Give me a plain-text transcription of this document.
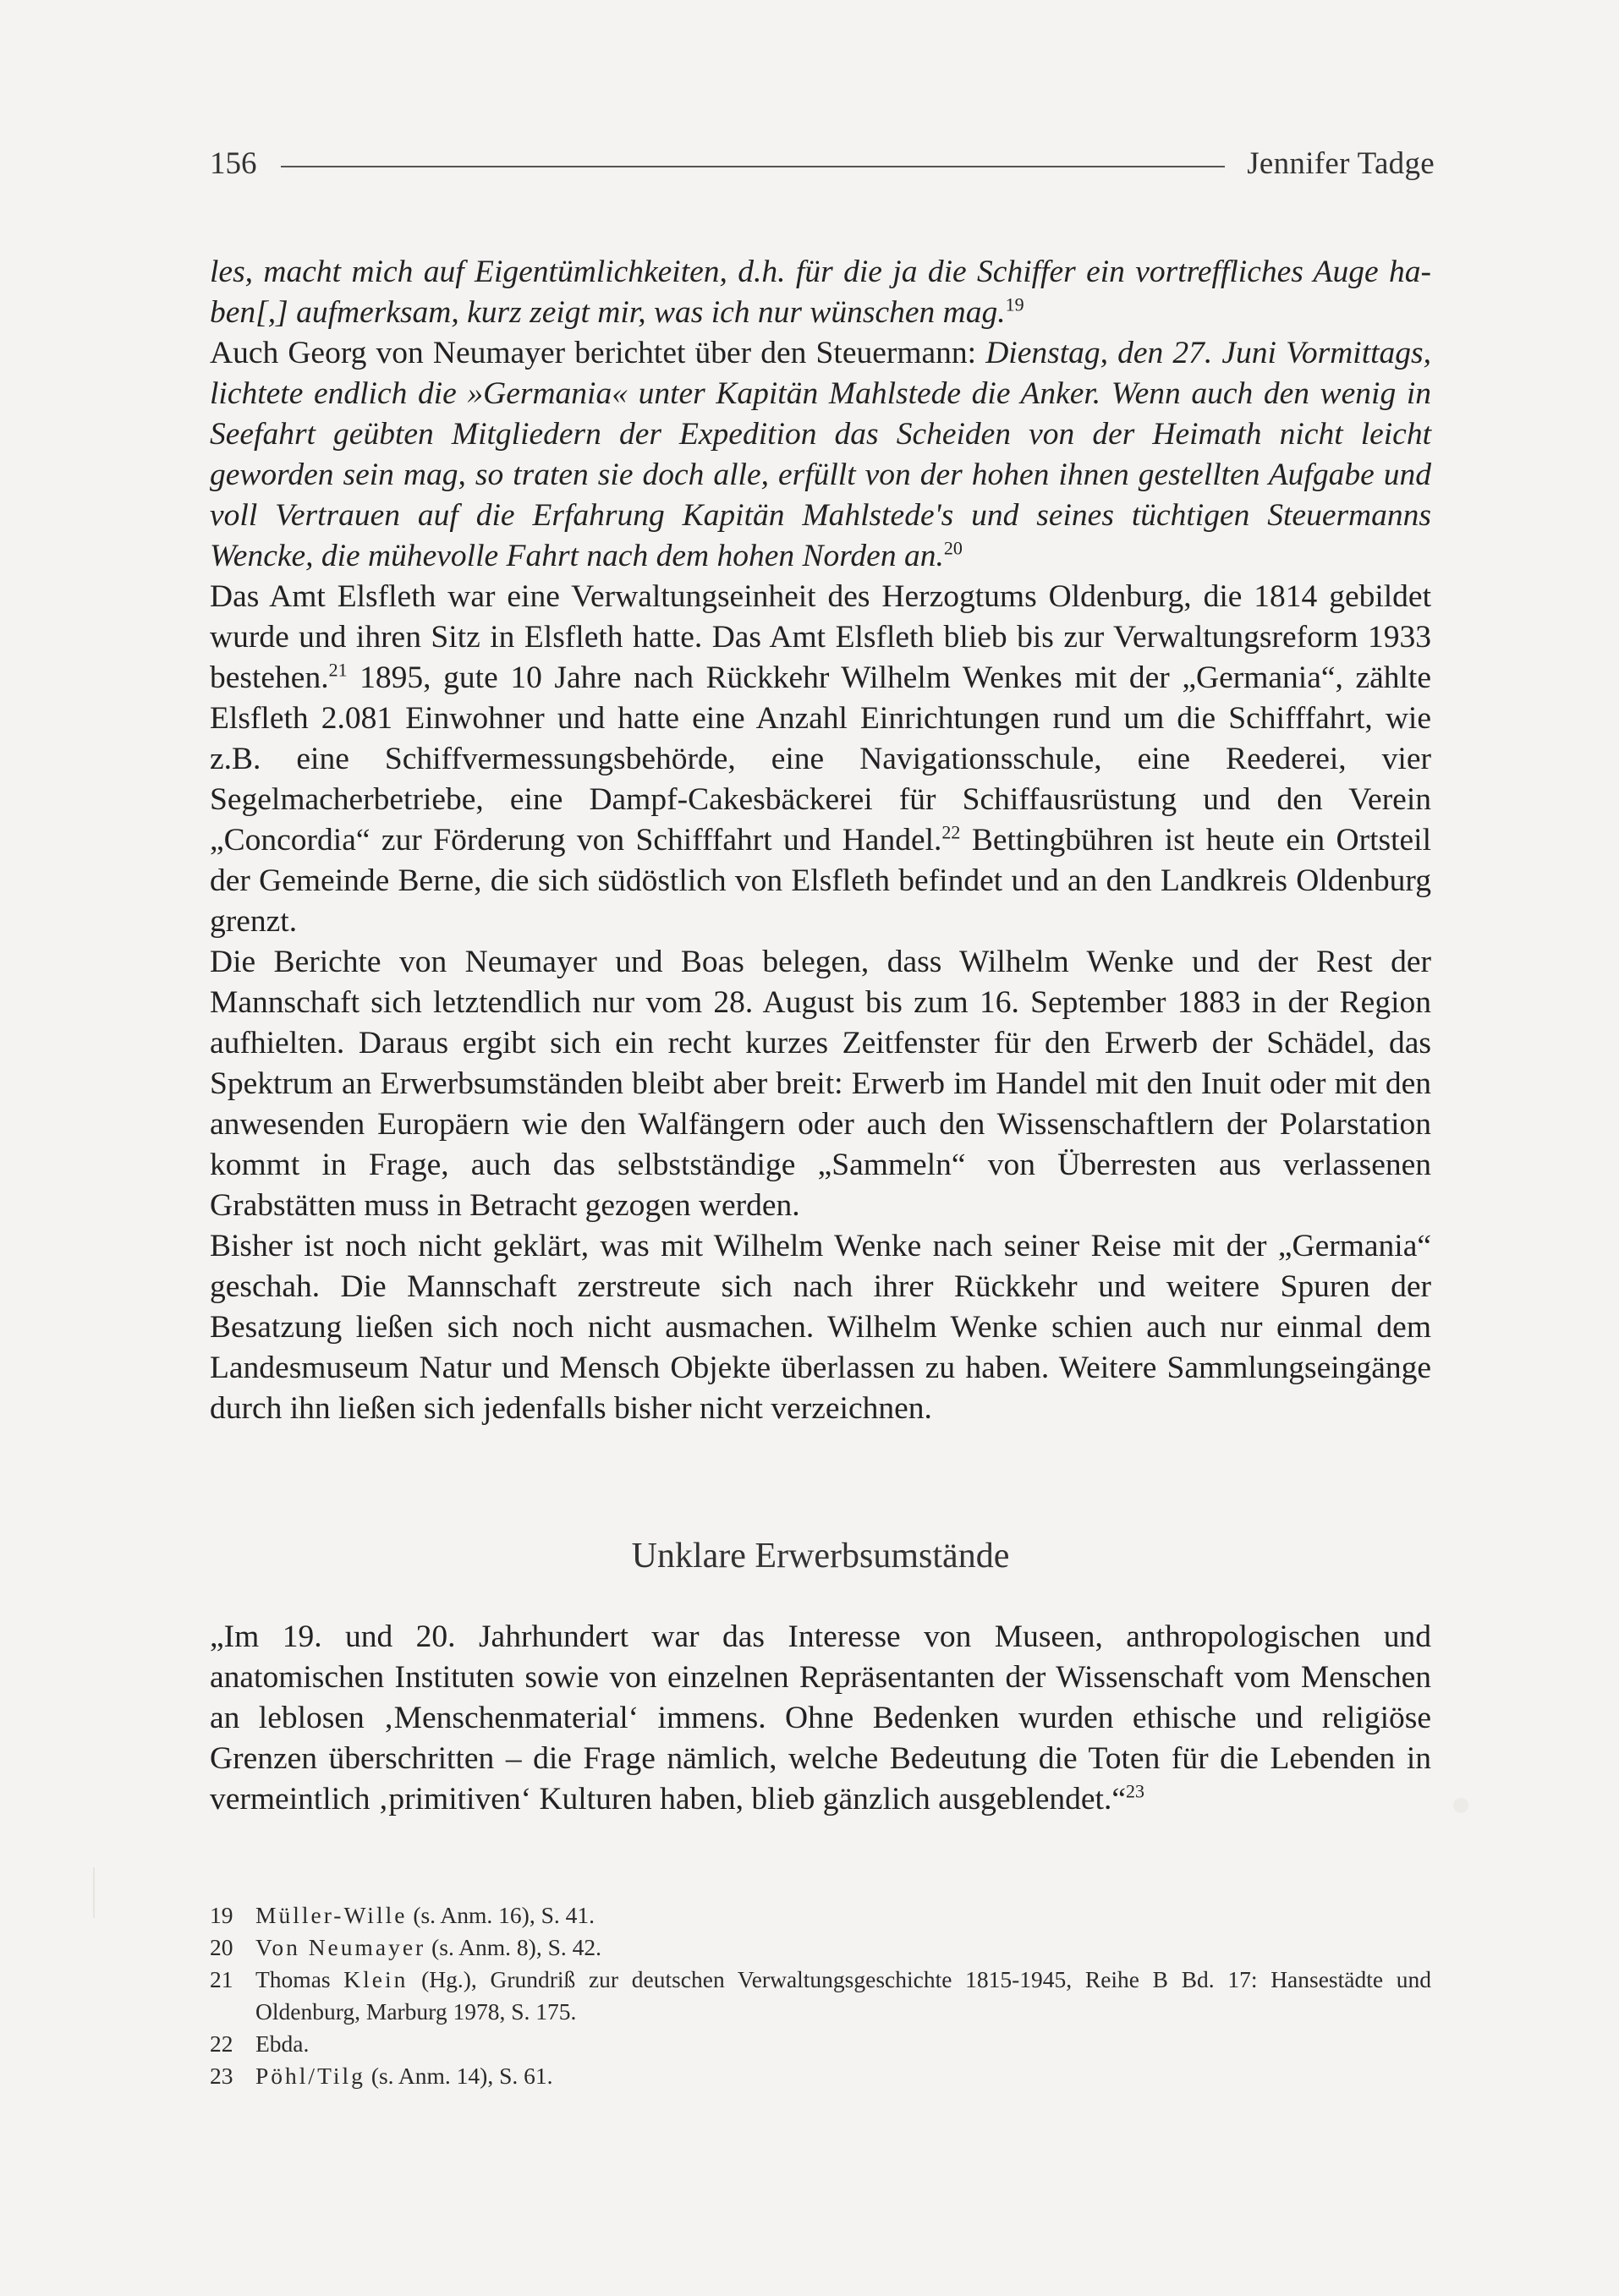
156	Jennifer Tadge

les, macht mich auf Eigentümlichkeiten, d.h. für die ja die Schiffer ein vortreffliches Auge haben[,] aufmerksam, kurz zeigt mir, was ich nur wünschen mag.$^{19}$

Auch Georg von Neumayer berichtet über den Steuermann: Dienstag, den 27. Juni Vormittags, lichtete endlich die »Germania« unter Kapitän Mahlstede die Anker. Wenn auch den wenig in Seefahrt geübten Mitgliedern der Expedition das Scheiden von der Heimath nicht leicht geworden sein mag, so traten sie doch alle, erfüllt von der hohen ihnen gestellten Aufgabe und voll Vertrauen auf die Erfahrung Kapitän Mahlstede's und seines tüchtigen Steuermanns Wencke, die mühevolle Fahrt nach dem hohen Norden an.$^{20}$

Das Amt Elsfleth war eine Verwaltungseinheit des Herzogtums Oldenburg, die 1814 gebildet wurde und ihren Sitz in Elsfleth hatte. Das Amt Elsfleth blieb bis zur Verwaltungsreform 1933 bestehen.$^{21}$ 1895, gute 10 Jahre nach Rückkehr Wilhelm Wenkes mit der „Germania“, zählte Elsfleth 2.081 Einwohner und hatte eine Anzahl Einrichtungen rund um die Schifffahrt, wie z.B. eine Schiffvermessungsbehörde, eine Navigationsschule, eine Reederei, vier Segelmacherbetriebe, eine Dampf-Cakesbäckerei für Schiffausrüstung und den Verein „Concordia“ zur Förderung von Schifffahrt und Handel.$^{22}$ Bettingbühren ist heute ein Ortsteil der Gemeinde Berne, die sich südöstlich von Elsfleth befindet und an den Landkreis Oldenburg grenzt.

Die Berichte von Neumayer und Boas belegen, dass Wilhelm Wenke und der Rest der Mannschaft sich letztendlich nur vom 28. August bis zum 16. September 1883 in der Region aufhielten. Daraus ergibt sich ein recht kurzes Zeitfenster für den Erwerb der Schädel, das Spektrum an Erwerbsumständen bleibt aber breit: Erwerb im Handel mit den Inuit oder mit den anwesenden Europäern wie den Walfängern oder auch den Wissenschaftlern der Polarstation kommt in Frage, auch das selbstständige „Sammeln“ von Überresten aus verlassenen Grabstätten muss in Betracht gezogen werden.

Bisher ist noch nicht geklärt, was mit Wilhelm Wenke nach seiner Reise mit der „Germania“ geschah. Die Mannschaft zerstreute sich nach ihrer Rückkehr und weitere Spuren der Besatzung ließen sich noch nicht ausmachen. Wilhelm Wenke schien auch nur einmal dem Landesmuseum Natur und Mensch Objekte überlassen zu haben. Weitere Sammlungseingänge durch ihn ließen sich jedenfalls bisher nicht verzeichnen.

Unklare Erwerbsumstände

„Im 19. und 20. Jahrhundert war das Interesse von Museen, anthropologischen und anatomischen Instituten sowie von einzelnen Repräsentanten der Wissenschaft vom Menschen an leblosen ‚Menschenmaterial‘ immens. Ohne Bedenken wurden ethische und religiöse Grenzen überschritten – die Frage nämlich, welche Bedeutung die Toten für die Lebenden in vermeintlich ‚primitiven‘ Kulturen haben, blieb gänzlich ausgeblendet.“$^{23}$

19 Müller-Wille (s. Anm. 16), S. 41.
20 Von Neumayer (s. Anm. 8), S. 42.
21 Thomas Klein (Hg.), Grundriß zur deutschen Verwaltungsgeschichte 1815-1945, Reihe B Bd. 17: Hansestädte und Oldenburg, Marburg 1978, S. 175.
22 Ebda.
23 Pöhl/Tilg (s. Anm. 14), S. 61.
